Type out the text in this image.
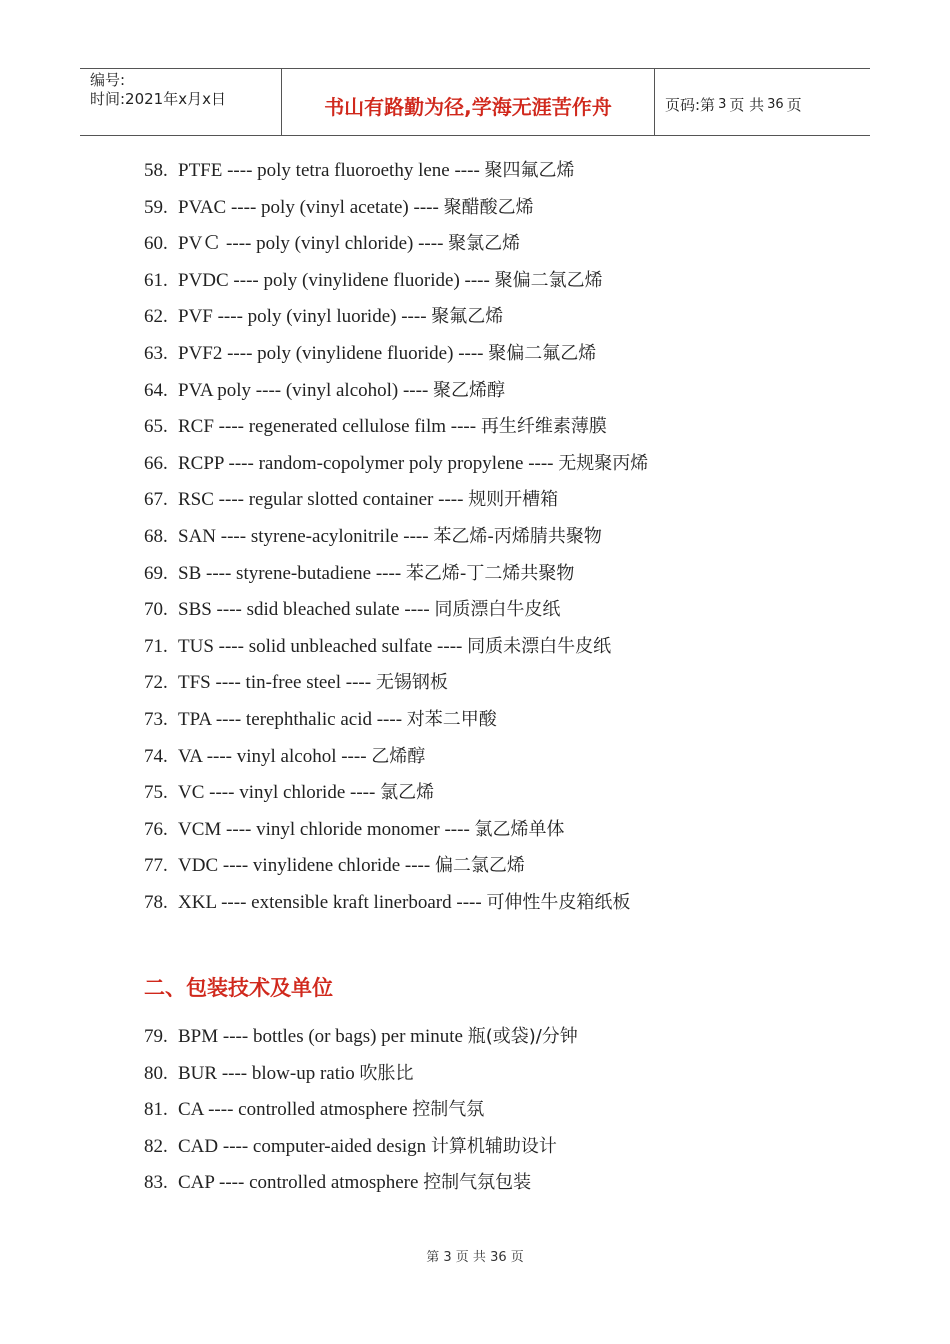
编号:
时间:2021年x月x日	书山有路勤为径,学海无涯苦作舟	页码:第 3 页 共 36 页
58. PTFE ---- poly tetra fluoroethy lene ---- 聚四氟乙烯
59. PVAC ---- poly (vinyl acetate) ---- 聚醋酸乙烯
60. PVＣ ---- poly (vinyl chloride) ---- 聚氯乙烯
61. PVDC ---- poly (vinylidene fluoride) ---- 聚偏二氯乙烯
62. PVF ---- poly (vinyl luoride) ---- 聚氟乙烯
63. PVF2 ---- poly (vinylidene fluoride) ---- 聚偏二氟乙烯
64. PVA poly ---- (vinyl alcohol) ---- 聚乙烯醇
65. RCF ---- regenerated cellulose film ---- 再生纤维素薄膜
66. RCPP ---- random-copolymer poly propylene ---- 无规聚丙烯
67. RSC ---- regular slotted container ---- 规则开槽箱
68. SAN ---- styrene-acylonitrile ---- 苯乙烯-丙烯腈共聚物
69. SB ---- styrene-butadiene ---- 苯乙烯-丁二烯共聚物
70. SBS ---- sdid bleached sulate ---- 同质漂白牛皮纸
71. TUS ---- solid unbleached sulfate ---- 同质未漂白牛皮纸
72. TFS ---- tin-free steel ---- 无锡钢板
73. TPA ---- terephthalic acid ---- 对苯二甲酸
74. VA ---- vinyl alcohol ---- 乙烯醇
75. VC ---- vinyl chloride ---- 氯乙烯
76. VCM ---- vinyl chloride monomer ---- 氯乙烯单体
77. VDC ---- vinylidene chloride ---- 偏二氯乙烯
78. XKL ---- extensible kraft linerboard ---- 可伸性牛皮箱纸板
二、包装技术及单位
79. BPM ---- bottles (or bags) per minute 瓶(或袋)/分钟
80. BUR ---- blow-up ratio 吹胀比
81. CA ---- controlled atmosphere 控制气氛
82. CAD ---- computer-aided design 计算机辅助设计
83. CAP ---- controlled atmosphere 控制气氛包装
第 3 页 共 36 页
